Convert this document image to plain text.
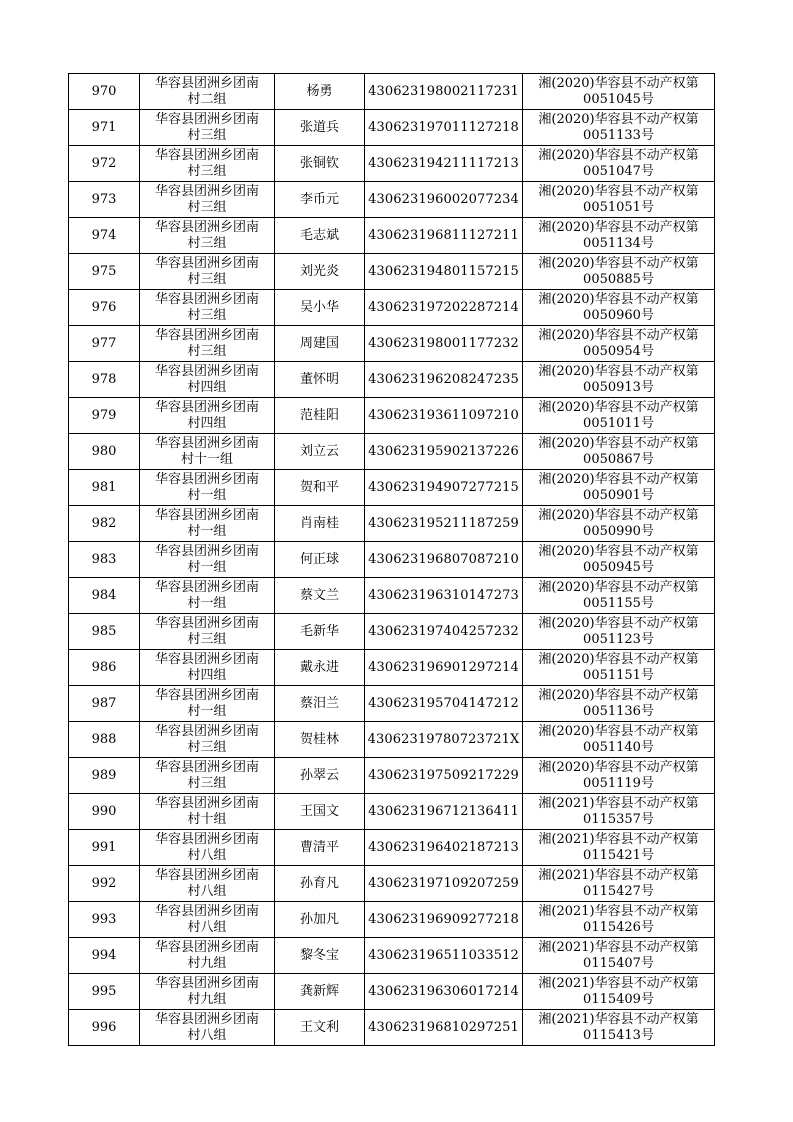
970	华容县团洲乡团南
村二组	杨勇	430623198002117231	湘(2020)华容县不动产权第
0051045号

971	华容县团洲乡团南
村三组	张道兵	430623197011127218	湘(2020)华容县不动产权第
0051133号

972	华容县团洲乡团南
村三组	张铜钦	430623194211117213	湘(2020)华容县不动产权第
0051047号

973	华容县团洲乡团南
村三组	李币元	430623196002077234	湘(2020)华容县不动产权第
0051051号

974	华容县团洲乡团南
村三组	毛志斌	430623196811127211	湘(2020)华容县不动产权第
0051134号

975	华容县团洲乡团南
村三组	刘光炎	430623194801157215	湘(2020)华容县不动产权第
0050885号

976	华容县团洲乡团南
村三组	吴小华	430623197202287214	湘(2020)华容县不动产权第
0050960号

977	华容县团洲乡团南
村三组	周建国	430623198001177232	湘(2020)华容县不动产权第
0050954号

978	华容县团洲乡团南
村四组	董怀明	430623196208247235	湘(2020)华容县不动产权第
0050913号

979	华容县团洲乡团南
村四组	范桂阳	430623193611097210	湘(2020)华容县不动产权第
0051011号

980	华容县团洲乡团南
村十一组	刘立云	430623195902137226	湘(2020)华容县不动产权第
0050867号

981	华容县团洲乡团南
村一组	贺和平	430623194907277215	湘(2020)华容县不动产权第
0050901号

982	华容县团洲乡团南
村一组	肖南桂	430623195211187259	湘(2020)华容县不动产权第
0050990号

983	华容县团洲乡团南
村一组	何正球	430623196807087210	湘(2020)华容县不动产权第
0050945号

984	华容县团洲乡团南
村一组	蔡文兰	430623196310147273	湘(2020)华容县不动产权第
0051155号

985	华容县团洲乡团南
村三组	毛新华	430623197404257232	湘(2020)华容县不动产权第
0051123号

986	华容县团洲乡团南
村四组	戴永进	430623196901297214	湘(2020)华容县不动产权第
0051151号

987	华容县团洲乡团南
村一组	蔡汨兰	430623195704147212	湘(2020)华容县不动产权第
0051136号

988	华容县团洲乡团南
村三组	贺桂林	43062319780723721X	湘(2020)华容县不动产权第
0051140号

989	华容县团洲乡团南
村三组	孙翠云	430623197509217229	湘(2020)华容县不动产权第
0051119号

990	华容县团洲乡团南
村十组	王国文	430623196712136411	湘(2021)华容县不动产权第
0115357号

991	华容县团洲乡团南
村八组	曹清平	430623196402187213	湘(2021)华容县不动产权第
0115421号

992	华容县团洲乡团南
村八组	孙育凡	430623197109207259	湘(2021)华容县不动产权第
0115427号

993	华容县团洲乡团南
村八组	孙加凡	430623196909277218	湘(2021)华容县不动产权第
0115426号

994	华容县团洲乡团南
村九组	黎冬宝	430623196511033512	湘(2021)华容县不动产权第
0115407号

995	华容县团洲乡团南
村九组	龚新辉	430623196306017214	湘(2021)华容县不动产权第
0115409号

996	华容县团洲乡团南
村八组	王文利	430623196810297251	湘(2021)华容县不动产权第
0115413号
